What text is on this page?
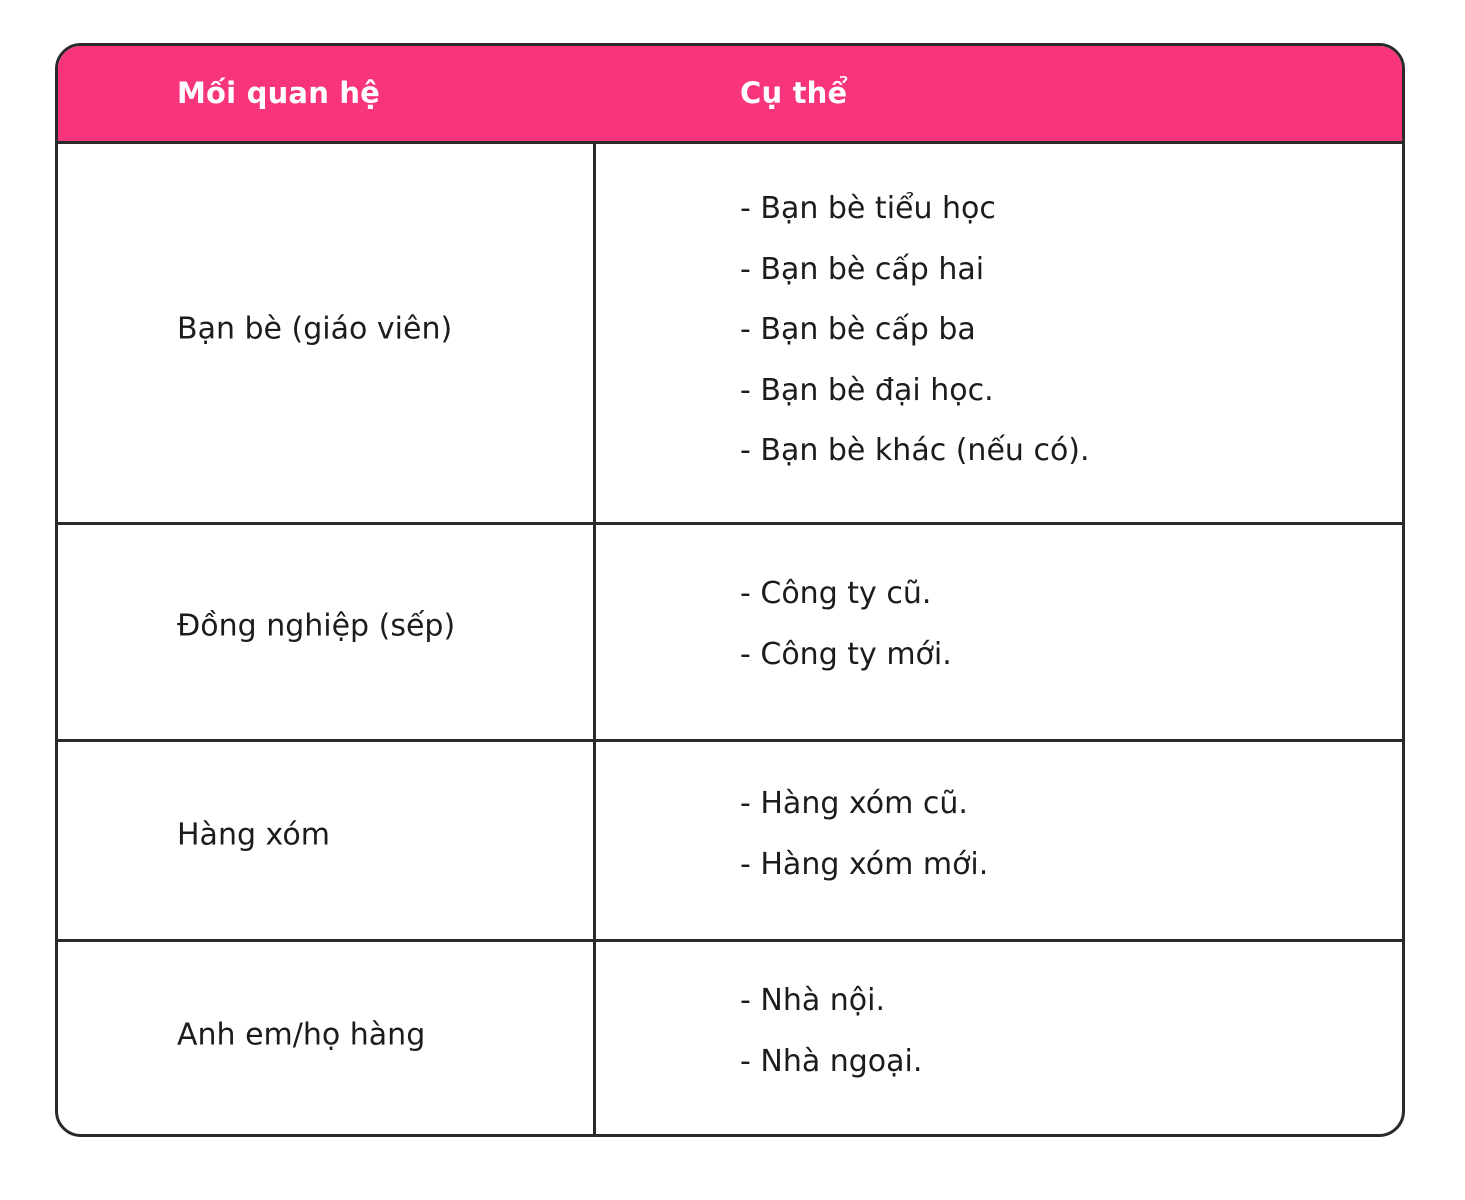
Mối quan hệ	Cụ thể
Bạn bè (giáo viên)
- Bạn bè tiểu học
- Bạn bè cấp hai
- Bạn bè cấp ba
- Bạn bè đại học.
- Bạn bè khác (nếu có).
Đồng nghiệp (sếp)
- Công ty cũ.
- Công ty mới.
Hàng xóm
- Hàng xóm cũ.
- Hàng xóm mới.
Anh em/họ hàng
- Nhà nội.
- Nhà ngoại.
